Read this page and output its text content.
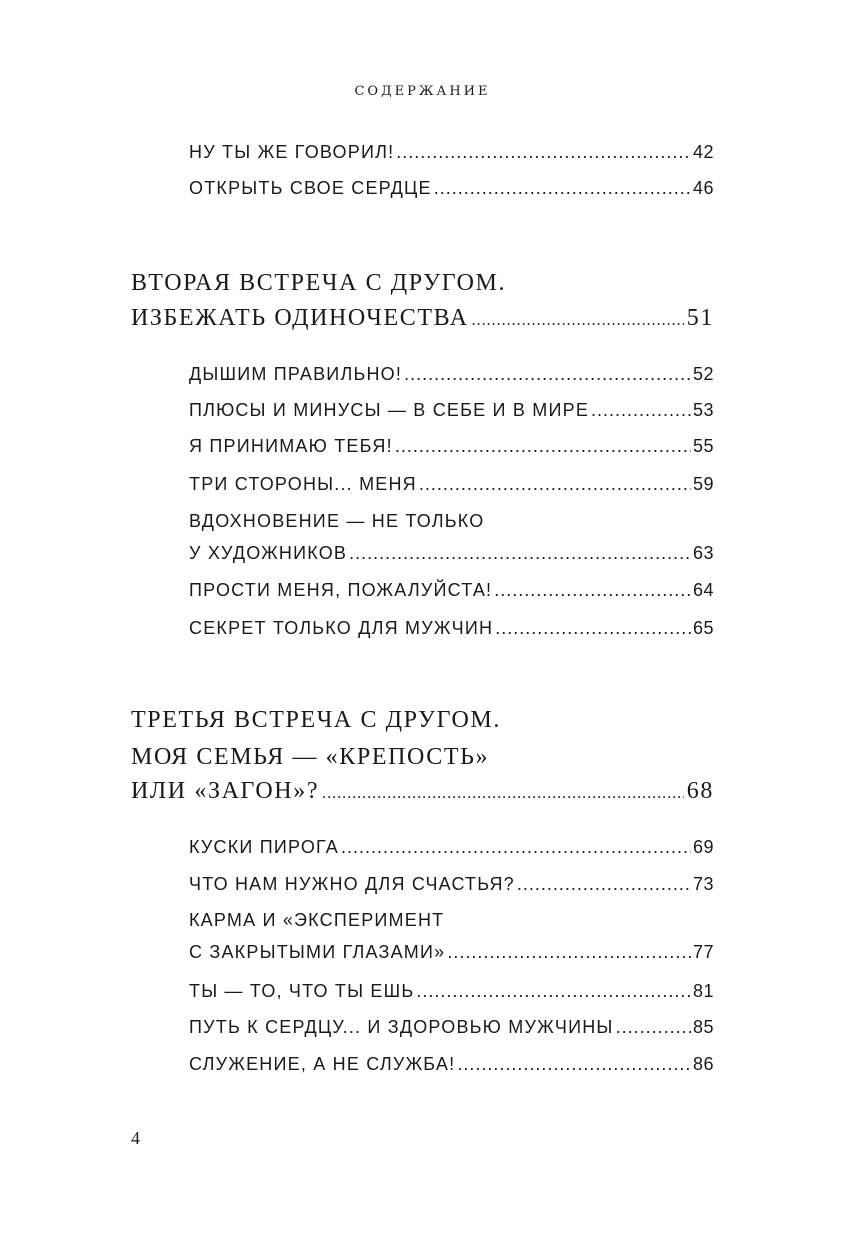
СОДЕРЖАНИЕ
НУ ТЫ ЖЕ ГОВОРИЛ! .....	42
ОТКРЫТЬ СВОЕ СЕРДЦЕ .....	46
ВТОРАЯ ВСТРЕЧА С ДРУГОМ.
ИЗБЕЖАТЬ ОДИНОЧЕСТВА .....	51
ДЫШИМ ПРАВИЛЬНО! .....	52
ПЛЮСЫ И МИНУСЫ — В СЕБЕ И В МИРЕ .....	53
Я ПРИНИМАЮ ТЕБЯ! .....	55
ТРИ СТОРОНЫ... МЕНЯ .....	59
ВДОХНОВЕНИЕ — НЕ ТОЛЬКО
У ХУДОЖНИКОВ .....	63
ПРОСТИ МЕНЯ, ПОЖАЛУЙСТА! .....	64
СЕКРЕТ ТОЛЬКО ДЛЯ МУЖЧИН .....	65
ТРЕТЬЯ ВСТРЕЧА С ДРУГОМ.
МОЯ СЕМЬЯ — «КРЕПОСТЬ»
ИЛИ «ЗАГОН»? .....	68
КУСКИ ПИРОГА .....	69
ЧТО НАМ НУЖНО ДЛЯ СЧАСТЬЯ? .....	73
КАРМА И «ЭКСПЕРИМЕНТ
С ЗАКРЫТЫМИ ГЛАЗАМИ» .....	77
ТЫ — ТО, ЧТО ТЫ ЕШЬ .....	81
ПУТЬ К СЕРДЦУ... И ЗДОРОВЬЮ МУЖЧИНЫ .....	85
СЛУЖЕНИЕ, А НЕ СЛУЖБА! .....	86
4
